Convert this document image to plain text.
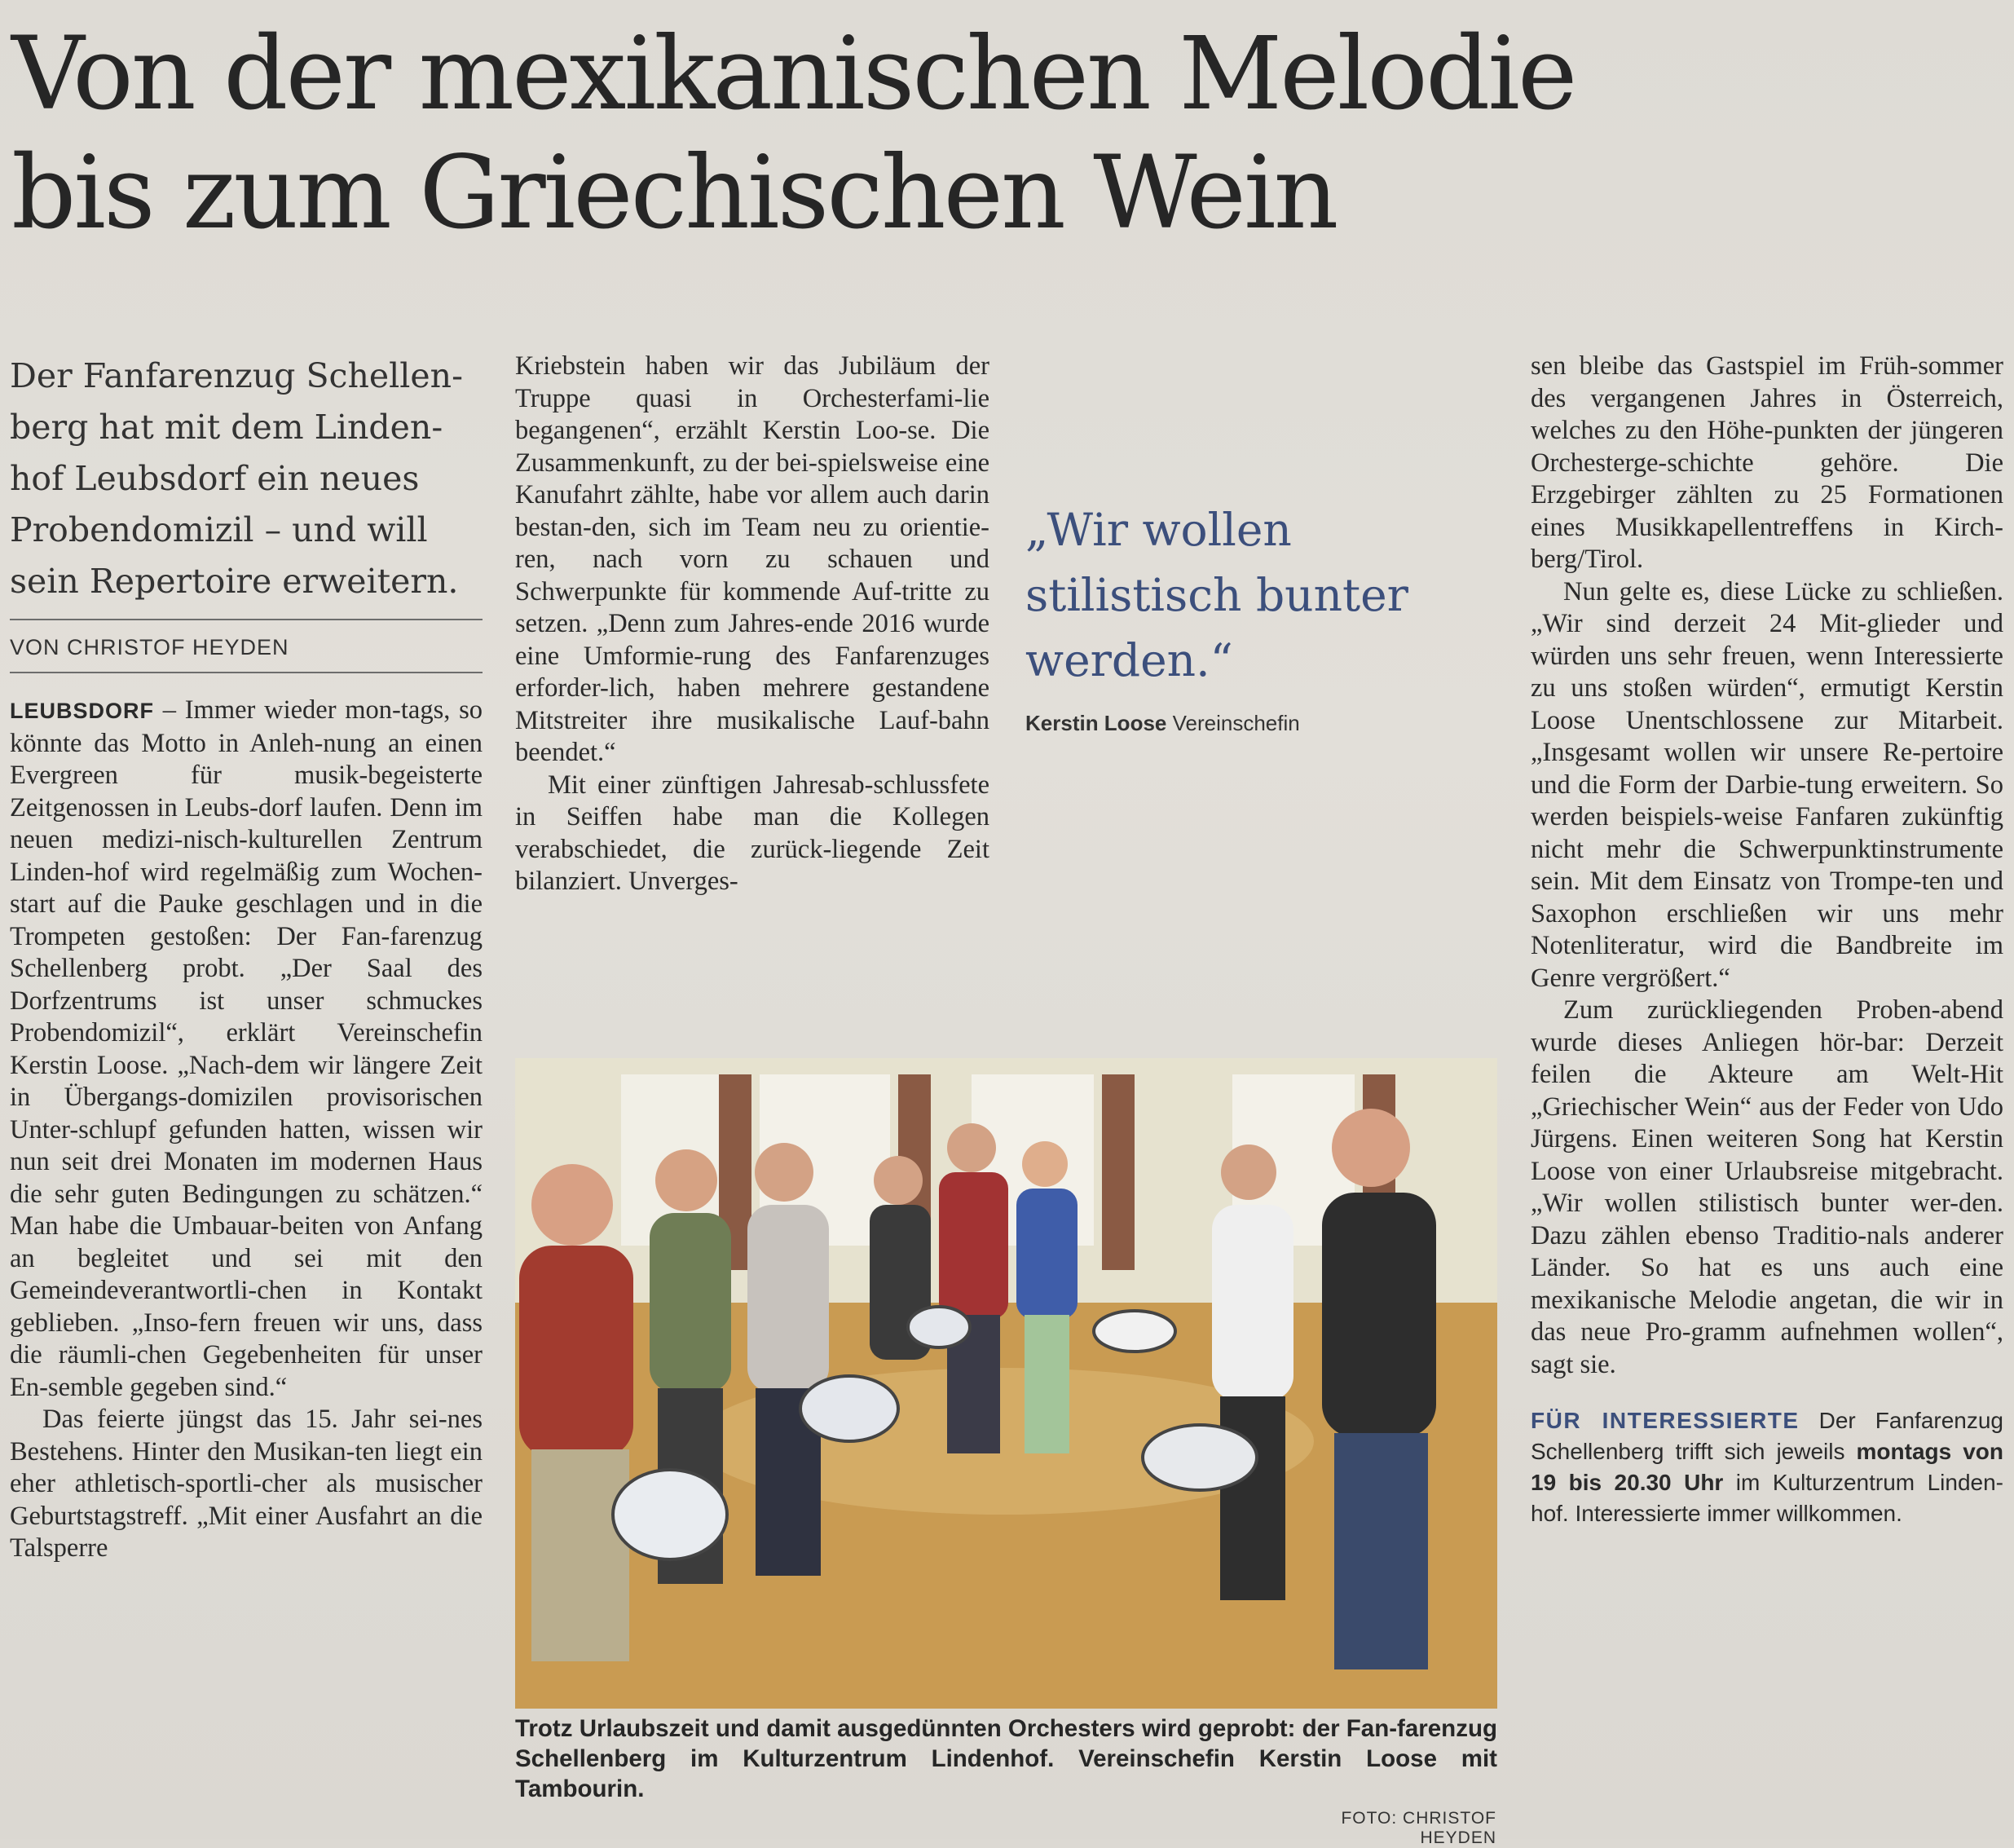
Von der mexikanischen Melodie
bis zum Griechischen Wein

Der Fanfarenzug Schellen-berg hat mit dem Linden-hof Leubsdorf ein neues Probendomizil – und will sein Repertoire erweitern.

VON CHRISTOF HEYDEN

LEUBSDORF – Immer wieder mon-tags, so könnte das Motto in Anleh-nung an einen Evergreen für musik-begeisterte Zeitgenossen in Leubs-dorf laufen. Denn im neuen medizi-nisch-kulturellen Zentrum Linden-hof wird regelmäßig zum Wochen-start auf die Pauke geschlagen und in die Trompeten gestoßen: Der Fan-farenzug Schellenberg probt. „Der Saal des Dorfzentrums ist unser schmuckes Probendomizil“, erklärt Vereinschefin Kerstin Loose. „Nach-dem wir längere Zeit in Übergangs-domizilen provisorischen Unter-schlupf gefunden hatten, wissen wir nun seit drei Monaten im modernen Haus die sehr guten Bedingungen zu schätzen.“ Man habe die Umbauar-beiten von Anfang an begleitet und sei mit den Gemeindeverantwortli-chen in Kontakt geblieben. „Inso-fern freuen wir uns, dass die räumli-chen Gegebenheiten für unser En-semble gegeben sind.“

Das feierte jüngst das 15. Jahr sei-nes Bestehens. Hinter den Musikan-ten liegt ein eher athletisch-sportli-cher als musischer Geburtstagstreff. „Mit einer Ausfahrt an die Talsperre

Kriebstein haben wir das Jubiläum der Truppe quasi in Orchesterfami-lie begangenen“, erzählt Kerstin Loo-se. Die Zusammenkunft, zu der bei-spielsweise eine Kanufahrt zählte, habe vor allem auch darin bestan-den, sich im Team neu zu orientie-ren, nach vorn zu schauen und Schwerpunkte für kommende Auf-tritte zu setzen. „Denn zum Jahres-ende 2016 wurde eine Umformie-rung des Fanfarenzuges erforder-lich, haben mehrere gestandene Mitstreiter ihre musikalische Lauf-bahn beendet.“

Mit einer zünftigen Jahresab-schlussfete in Seiffen habe man die Kollegen verabschiedet, die zurück-liegende Zeit bilanziert. Unverges-

„Wir wollen stilistisch bunter werden.“

Kerstin Loose Vereinschefin

sen bleibe das Gastspiel im Früh-sommer des vergangenen Jahres in Österreich, welches zu den Höhe-punkten der jüngeren Orchesterge-schichte gehöre. Die Erzgebirger zählten zu 25 Formationen eines Musikkapellentreffens in Kirch-berg/Tirol.

Nun gelte es, diese Lücke zu schließen. „Wir sind derzeit 24 Mit-glieder und würden uns sehr freuen, wenn Interessierte zu uns stoßen würden“, ermutigt Kerstin Loose Unentschlossene zur Mitarbeit. „Insgesamt wollen wir unsere Re-pertoire und die Form der Darbie-tung erweitern. So werden beispiels-weise Fanfaren zukünftig nicht mehr die Schwerpunktinstrumente sein. Mit dem Einsatz von Trompe-ten und Saxophon erschließen wir uns mehr Notenliteratur, wird die Bandbreite im Genre vergrößert.“

Zum zurückliegenden Proben-abend wurde dieses Anliegen hör-bar: Derzeit feilen die Akteure am Welt-Hit „Griechischer Wein“ aus der Feder von Udo Jürgens. Einen weiteren Song hat Kerstin Loose von einer Urlaubsreise mitgebracht. „Wir wollen stilistisch bunter wer-den. Dazu zählen ebenso Traditio-nals anderer Länder. So hat es uns auch eine mexikanische Melodie angetan, die wir in das neue Pro-gramm aufnehmen wollen“, sagt sie.

FÜR INTERESSIERTE Der Fanfarenzug Schellenberg trifft sich jeweils montags von 19 bis 20.30 Uhr im Kulturzentrum Linden-hof. Interessierte immer willkommen.

Trotz Urlaubszeit und damit ausgedünnten Orchesters wird geprobt: der Fan-farenzug Schellenberg im Kulturzentrum Lindenhof. Vereinschefin Kerstin Loose mit Tambourin.

FOTO: CHRISTOF HEYDEN
